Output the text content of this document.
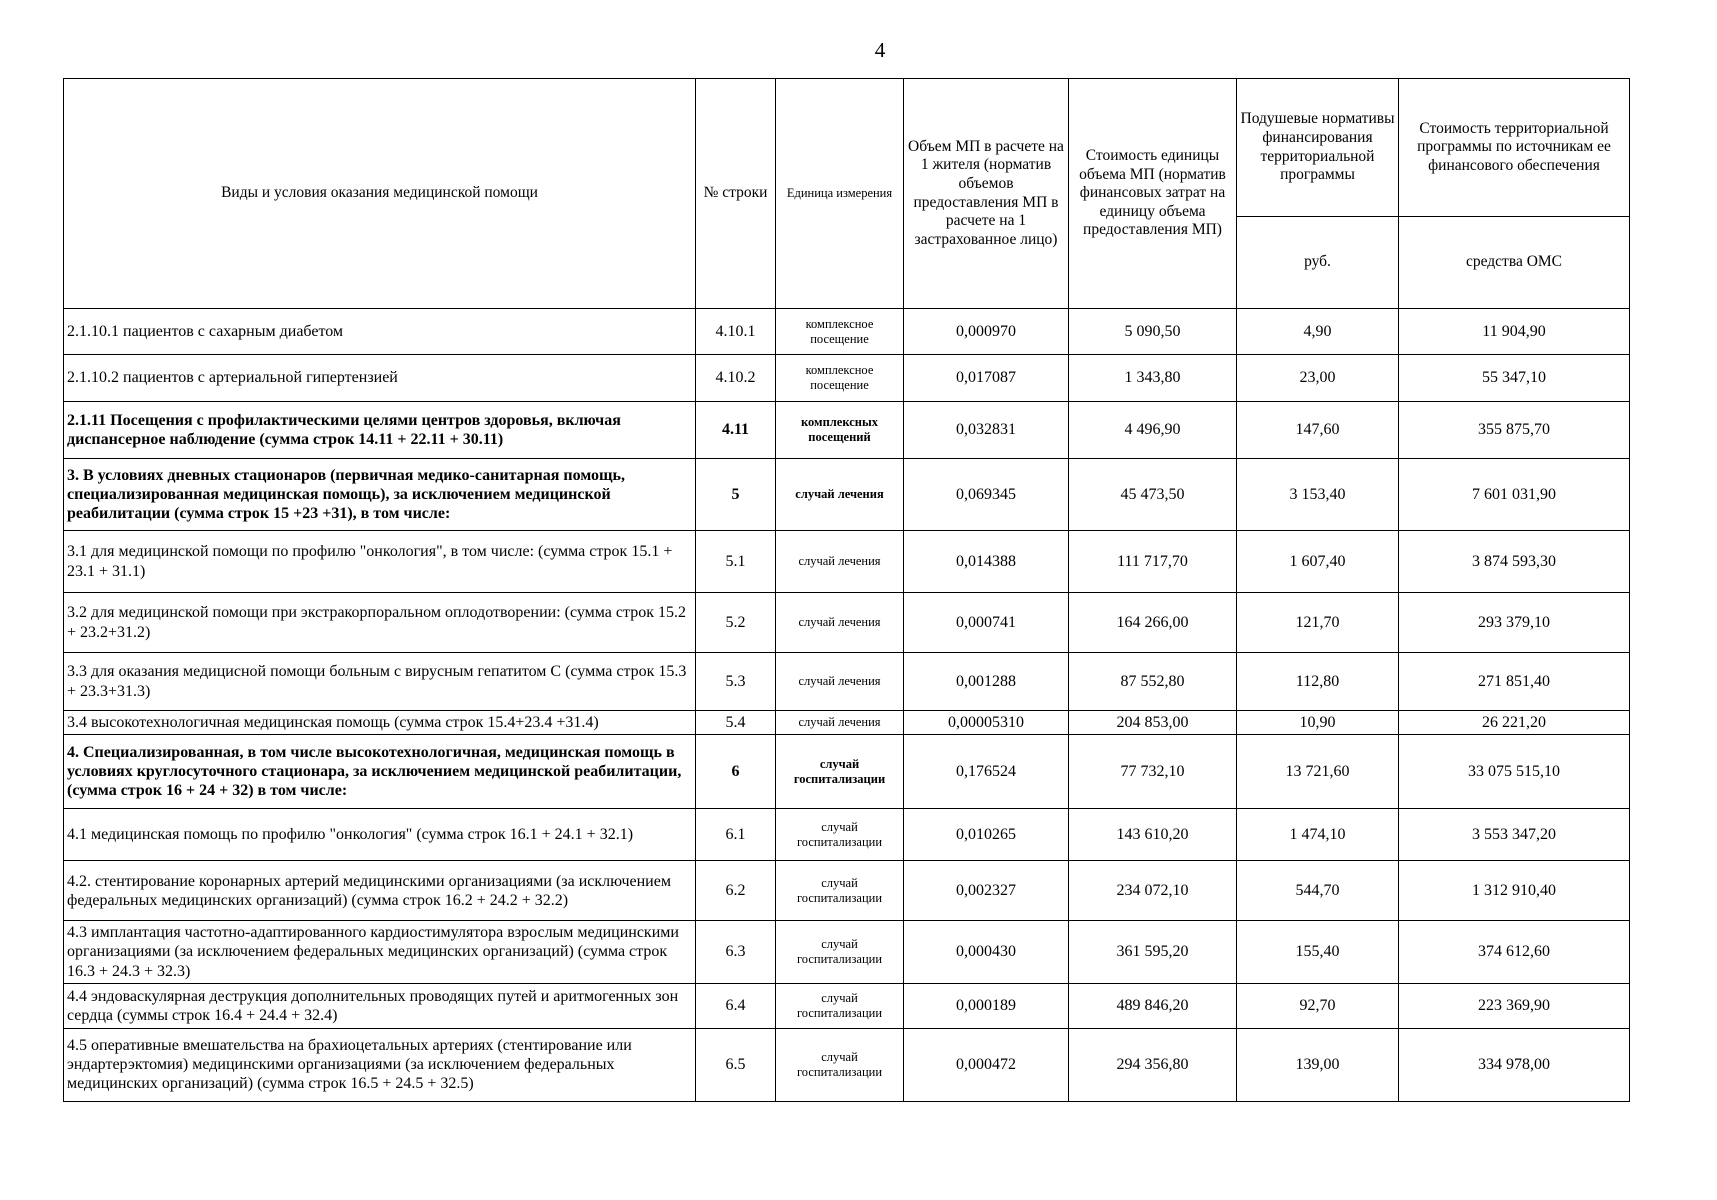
4
Виды и условия оказания медицинской помощи	№ строки	Единица измерения	Объем МП в расчете на 1 жителя (норматив объемов предоставления МП в расчете на 1 застрахованное лицо)	Стоимость единицы объема МП (норматив финансовых затрат на единицу объема предоставления МП)	Подушевые нормативы финансирования территориальной программы	Стоимость территориальной программы по источникам ее финансового обеспечения
					руб.	средства ОМС
2.1.10.1 пациентов с сахарным диабетом	4.10.1	комплексное посещение	0,000970	5 090,50	4,90	11 904,90
2.1.10.2 пациентов с артериальной гипертензией	4.10.2	комплексное посещение	0,017087	1 343,80	23,00	55 347,10
2.1.11 Посещения с профилактическими целями центров здоровья, включая диспансерное наблюдение (сумма строк 14.11 + 22.11 + 30.11)	4.11	комплексных посещений	0,032831	4 496,90	147,60	355 875,70
3. В условиях дневных стационаров (первичная медико-санитарная помощь, специализированная медицинская помощь), за исключением медицинской реабилитации (сумма строк 15 +23 +31), в том числе:	5	случай лечения	0,069345	45 473,50	3 153,40	7 601 031,90
3.1 для медицинской помощи по профилю "онкология", в том числе: (сумма строк 15.1 + 23.1 + 31.1)	5.1	случай лечения	0,014388	111 717,70	1 607,40	3 874 593,30
3.2 для медицинской помощи при экстракорпоральном оплодотворении: (сумма строк 15.2 + 23.2+31.2)	5.2	случай лечения	0,000741	164 266,00	121,70	293 379,10
3.3 для оказания медицисной помощи больным с вирусным гепатитом С (сумма строк 15.3 + 23.3+31.3)	5.3	случай лечения	0,001288	87 552,80	112,80	271 851,40
3.4 высокотехнологичная медицинская помощь (сумма строк 15.4+23.4 +31.4)	5.4	случай лечения	0,00005310	204 853,00	10,90	26 221,20
4. Специализированная, в том числе высокотехнологичная, медицинская помощь в условиях круглосуточного стационара, за исключением медицинской реабилитации, (сумма строк 16 + 24 + 32) в том числе:	6	случай госпитализации	0,176524	77 732,10	13 721,60	33 075 515,10
4.1 медицинская помощь по профилю "онкология" (сумма строк 16.1 + 24.1 + 32.1)	6.1	случай госпитализации	0,010265	143 610,20	1 474,10	3 553 347,20
4.2. стентирование коронарных артерий медицинскими организациями (за исключением федеральных медицинских организаций) (сумма строк 16.2 + 24.2 + 32.2)	6.2	случай госпитализации	0,002327	234 072,10	544,70	1 312 910,40
4.3 имплантация частотно-адаптированного кардиостимулятора взрослым медицинскими организациями (за исключением федеральных медицинских организаций) (сумма строк 16.3 + 24.3 + 32.3)	6.3	случай госпитализации	0,000430	361 595,20	155,40	374 612,60
4.4 эндоваскулярная деструкция дополнительных проводящих путей и аритмогенных зон сердца (суммы строк 16.4 + 24.4 + 32.4)	6.4	случай госпитализации	0,000189	489 846,20	92,70	223 369,90
4.5 оперативные вмешательства на брахиоцетальных артериях (стентирование или эндартерэктомия) медицинскими организациями (за исключением федеральных медицинских организаций) (сумма строк 16.5 + 24.5 + 32.5)	6.5	случай госпитализации	0,000472	294 356,80	139,00	334 978,00
